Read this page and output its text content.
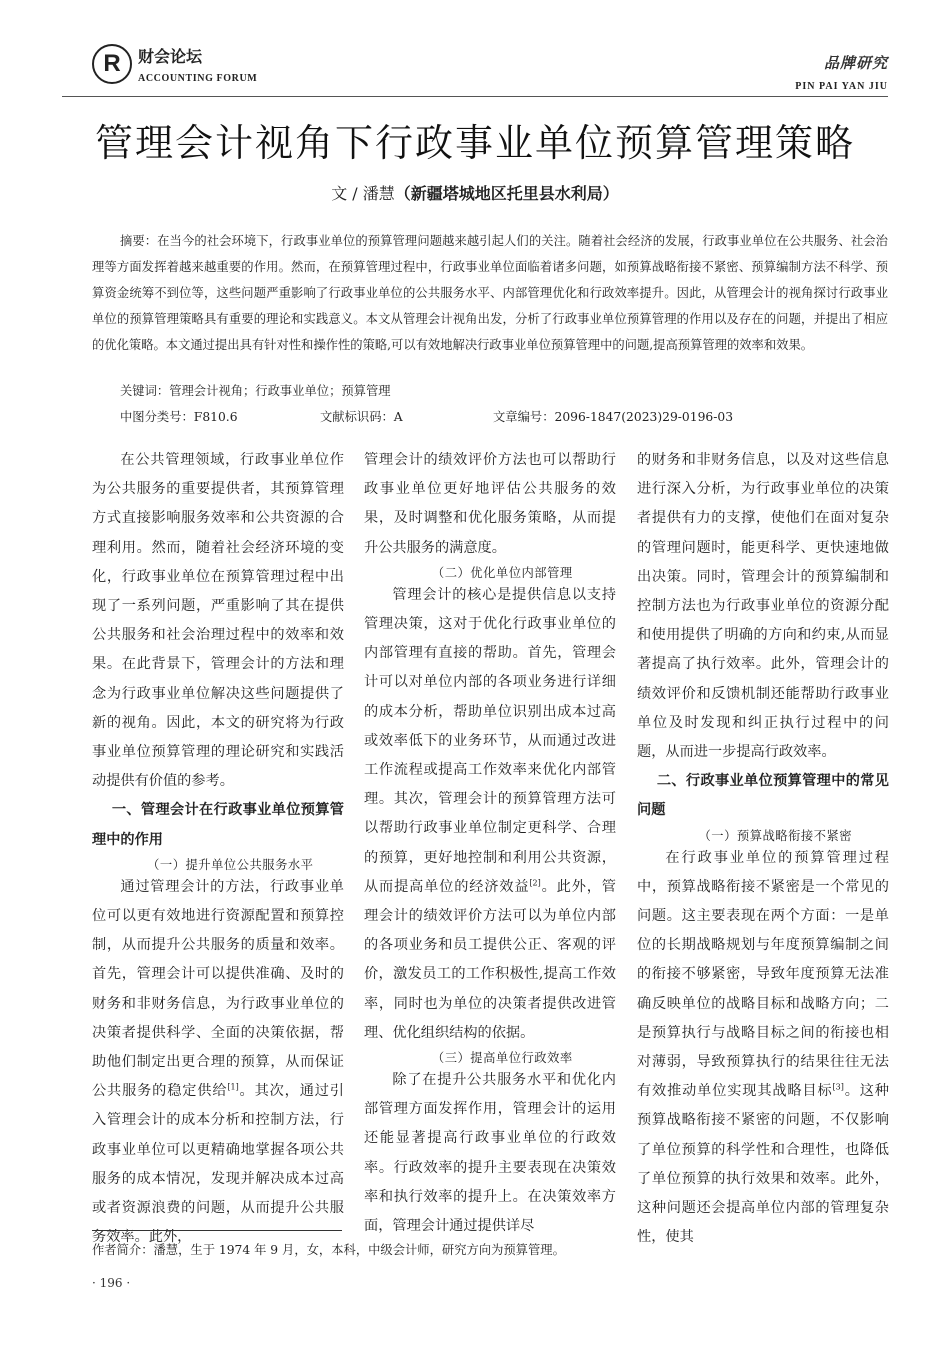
R	财会论坛
ACCOUNTING FORUM
品牌研究
PIN PAI YAN JIU
管理会计视角下行政事业单位预算管理策略
文 / 潘慧（新疆塔城地区托里县水利局）
摘要：在当今的社会环境下，行政事业单位的预算管理问题越来越引起人们的关注。随着社会经济的发展，行政事业单位在公共服务、社会治理等方面发挥着越来越重要的作用。然而，在预算管理过程中，行政事业单位面临着诸多问题，如预算战略衔接不紧密、预算编制方法不科学、预算资金统筹不到位等，这些问题严重影响了行政事业单位的公共服务水平、内部管理优化和行政效率提升。因此，从管理会计的视角探讨行政事业单位的预算管理策略具有重要的理论和实践意义。本文从管理会计视角出发，分析了行政事业单位预算管理的作用以及存在的问题，并提出了相应的优化策略。本文通过提出具有针对性和操作性的策略,可以有效地解决行政事业单位预算管理中的问题,提高预算管理的效率和效果。
关键词：管理会计视角；行政事业单位；预算管理
中图分类号：F810.6	文献标识码：A	文章编号：2096-1847(2023)29-0196-03

在公共管理领域，行政事业单位作为公共服务的重要提供者，其预算管理方式直接影响服务效率和公共资源的合理利用。然而，随着社会经济环境的变化，行政事业单位在预算管理过程中出现了一系列问题，严重影响了其在提供公共服务和社会治理过程中的效率和效果。在此背景下，管理会计的方法和理念为行政事业单位解决这些问题提供了新的视角。因此，本文的研究将为行政事业单位预算管理的理论研究和实践活动提供有价值的参考。

一、管理会计在行政事业单位预算管理中的作用

（一）提升单位公共服务水平

通过管理会计的方法，行政事业单位可以更有效地进行资源配置和预算控制，从而提升公共服务的质量和效率。首先，管理会计可以提供准确、及时的财务和非财务信息，为行政事业单位的决策者提供科学、全面的决策依据，帮助他们制定出更合理的预算，从而保证公共服务的稳定供给[1]。其次，通过引入管理会计的成本分析和控制方法，行政事业单位可以更精确地掌握各项公共服务的成本情况，发现并解决成本过高或者资源浪费的问题，从而提升公共服务效率。此外，

管理会计的绩效评价方法也可以帮助行政事业单位更好地评估公共服务的效果，及时调整和优化服务策略，从而提升公共服务的满意度。

（二）优化单位内部管理

管理会计的核心是提供信息以支持管理决策，这对于优化行政事业单位的内部管理有直接的帮助。首先，管理会计可以对单位内部的各项业务进行详细的成本分析，帮助单位识别出成本过高或效率低下的业务环节，从而通过改进工作流程或提高工作效率来优化内部管理。其次，管理会计的预算管理方法可以帮助行政事业单位制定更科学、合理的预算，更好地控制和利用公共资源，从而提高单位的经济效益[2]。此外，管理会计的绩效评价方法可以为单位内部的各项业务和员工提供公正、客观的评价，激发员工的工作积极性,提高工作效率，同时也为单位的决策者提供改进管理、优化组织结构的依据。

（三）提高单位行政效率

除了在提升公共服务水平和优化内部管理方面发挥作用，管理会计的运用还能显著提高行政事业单位的行政效率。行政效率的提升主要表现在决策效率和执行效率的提升上。在决策效率方面，管理会计通过提供详尽

的财务和非财务信息，以及对这些信息进行深入分析，为行政事业单位的决策者提供有力的支撑，使他们在面对复杂的管理问题时，能更科学、更快速地做出决策。同时，管理会计的预算编制和控制方法也为行政事业单位的资源分配和使用提供了明确的方向和约束,从而显著提高了执行效率。此外，管理会计的绩效评价和反馈机制还能帮助行政事业单位及时发现和纠正执行过程中的问题，从而进一步提高行政效率。

二、行政事业单位预算管理中的常见问题

（一）预算战略衔接不紧密

在行政事业单位的预算管理过程中，预算战略衔接不紧密是一个常见的问题。这主要表现在两个方面：一是单位的长期战略规划与年度预算编制之间的衔接不够紧密，导致年度预算无法准确反映单位的战略目标和战略方向；二是预算执行与战略目标之间的衔接也相对薄弱，导致预算执行的结果往往无法有效推动单位实现其战略目标[3]。这种预算战略衔接不紧密的问题，不仅影响了单位预算的科学性和合理性，也降低了单位预算的执行效果和效率。此外，这种问题还会提高单位内部的管理复杂性，使其

作者简介：潘慧，生于 1974 年 9 月，女，本科，中级会计师，研究方向为预算管理。
· 196 ·
